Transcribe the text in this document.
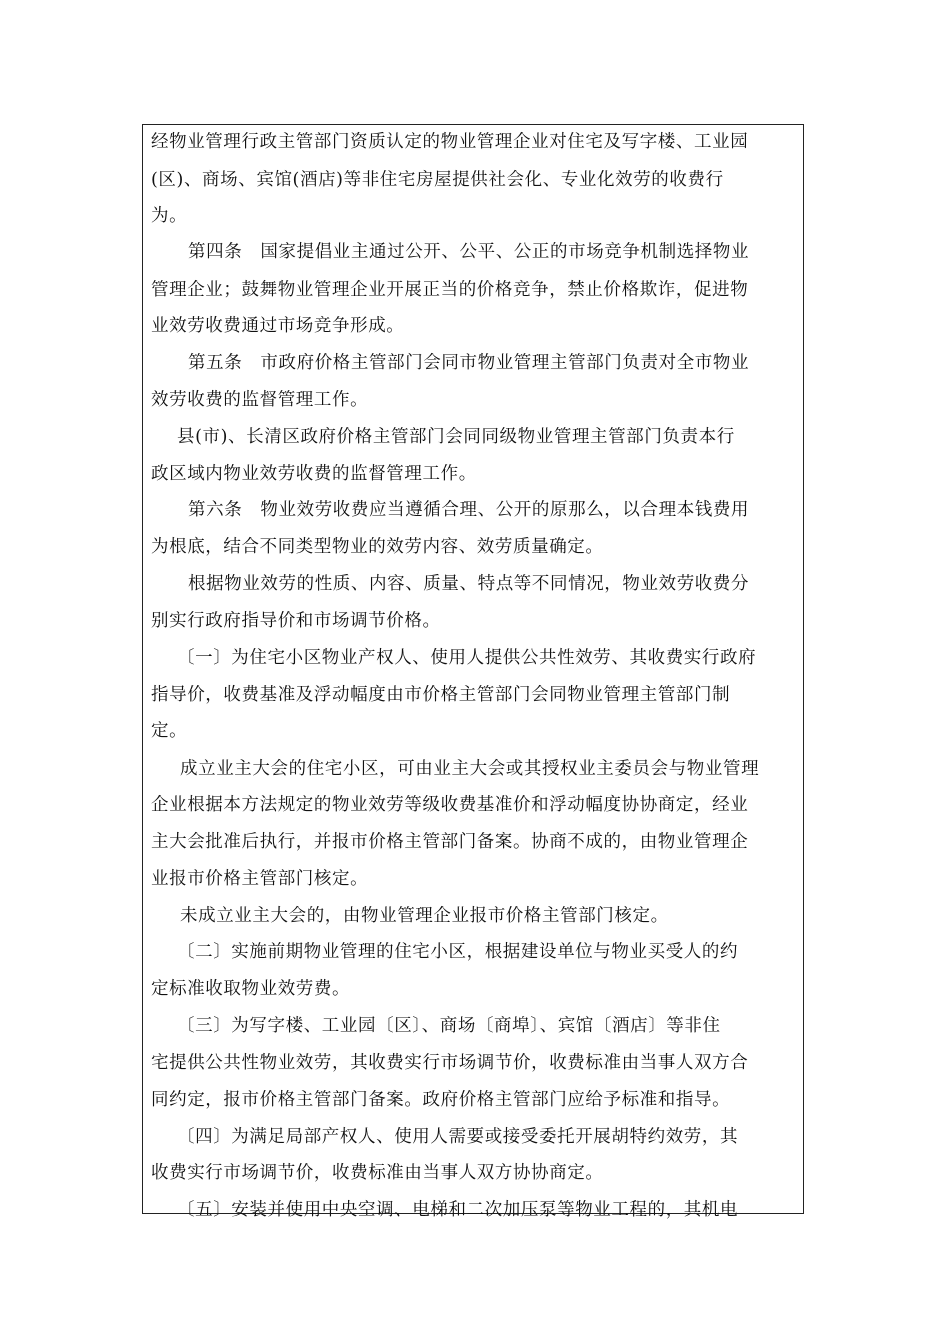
经物业管理行政主管部门资质认定的物业管理企业对住宅及写字楼、工业园
(区)、商场、宾馆(酒店)等非住宅房屋提供社会化、专业化效劳的收费行
为。
第四条　国家提倡业主通过公开、公平、公正的市场竞争机制选择物业
管理企业；鼓舞物业管理企业开展正当的价格竞争，禁止价格欺诈，促进物
业效劳收费通过市场竞争形成。
第五条　市政府价格主管部门会同市物业管理主管部门负责对全市物业
效劳收费的监督管理工作。
县(市)、长清区政府价格主管部门会同同级物业管理主管部门负责本行
政区域内物业效劳收费的监督管理工作。
第六条　物业效劳收费应当遵循合理、公开的原那么，以合理本钱费用
为根底，结合不同类型物业的效劳内容、效劳质量确定。
根据物业效劳的性质、内容、质量、特点等不同情况，物业效劳收费分
别实行政府指导价和市场调节价格。
〔一〕为住宅小区物业产权人、使用人提供公共性效劳、其收费实行政府
指导价，收费基准及浮动幅度由市价格主管部门会同物业管理主管部门制
定。
成立业主大会的住宅小区，可由业主大会或其授权业主委员会与物业管理
企业根据本方法规定的物业效劳等级收费基准价和浮动幅度协协商定，经业
主大会批准后执行，并报市价格主管部门备案。协商不成的，由物业管理企
业报市价格主管部门核定。
未成立业主大会的，由物业管理企业报市价格主管部门核定。
〔二〕实施前期物业管理的住宅小区，根据建设单位与物业买受人的约
定标准收取物业效劳费。
〔三〕为写字楼、工业园〔区〕、商场〔商埠〕、宾馆〔酒店〕等非住
宅提供公共性物业效劳，其收费实行市场调节价，收费标准由当事人双方合
同约定，报市价格主管部门备案。政府价格主管部门应给予标准和指导。
〔四〕为满足局部产权人、使用人需要或接受委托开展胡特约效劳，其
收费实行市场调节价，收费标准由当事人双方协协商定。
〔五〕安装并使用中央空调、电梯和二次加压泵等物业工程的，其机电
